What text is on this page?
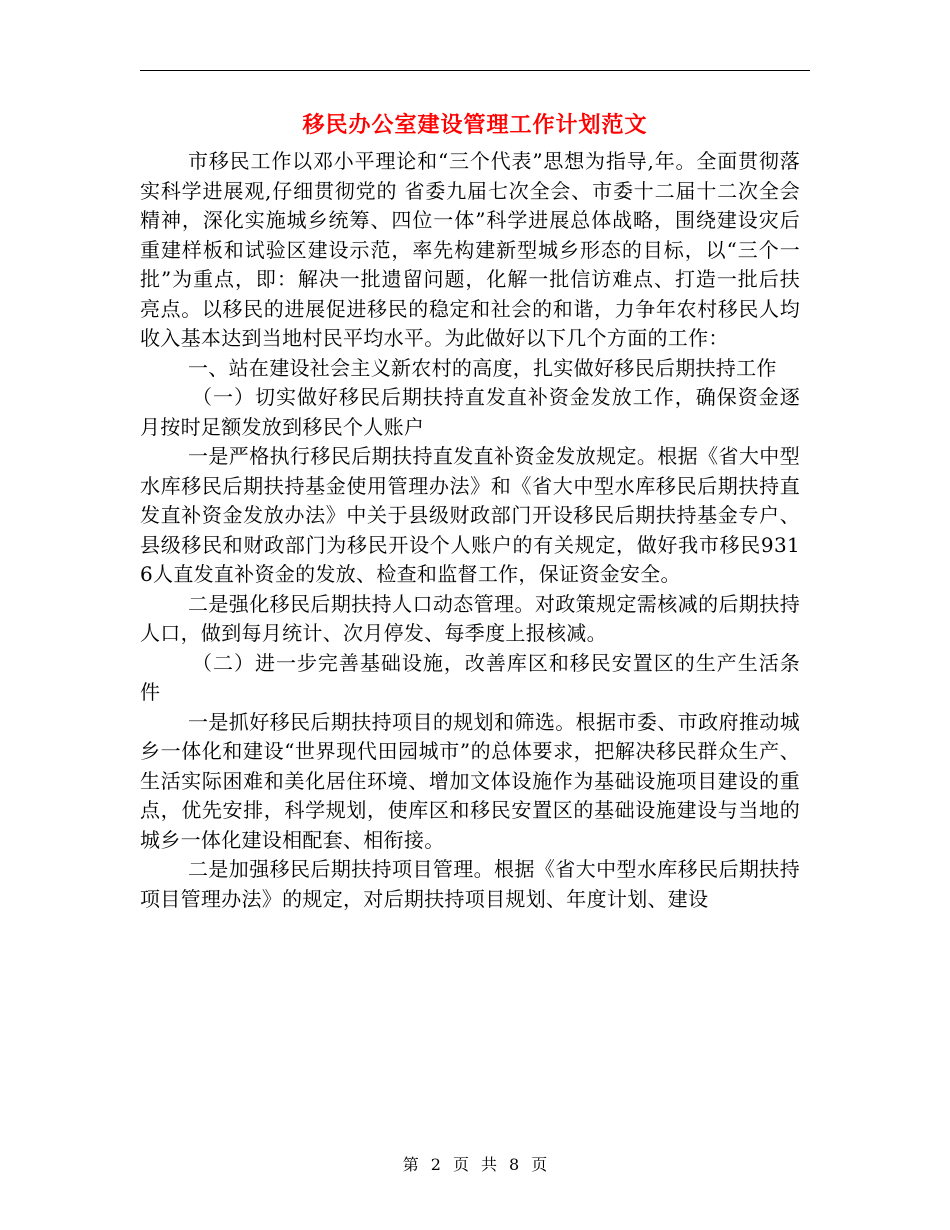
移民办公室建设管理工作计划范文

市移民工作以邓小平理论和“三个代表”思想为指导,年。全面贯彻落实科学进展观,仔细贯彻党的 省委九届七次全会、市委十二届十二次全会精神，深化实施城乡统筹、四位一体”科学进展总体战略，围绕建设灾后重建样板和试验区建设示范，率先构建新型城乡形态的目标，以“三个一批”为重点，即：解决一批遗留问题，化解一批信访难点、打造一批后扶亮点。以移民的进展促进移民的稳定和社会的和谐，力争年农村移民人均收入基本达到当地村民平均水平。为此做好以下几个方面的工作：

一、站在建设社会主义新农村的高度，扎实做好移民后期扶持工作

（一）切实做好移民后期扶持直发直补资金发放工作，确保资金逐月按时足额发放到移民个人账户

一是严格执行移民后期扶持直发直补资金发放规定。根据《省大中型水库移民后期扶持基金使用管理办法》和《省大中型水库移民后期扶持直发直补资金发放办法》中关于县级财政部门开设移民后期扶持基金专户、县级移民和财政部门为移民开设个人账户的有关规定，做好我市移民9316人直发直补资金的发放、检查和监督工作，保证资金安全。

二是强化移民后期扶持人口动态管理。对政策规定需核减的后期扶持人口，做到每月统计、次月停发、每季度上报核减。

（二）进一步完善基础设施，改善库区和移民安置区的生产生活条件

一是抓好移民后期扶持项目的规划和筛选。根据市委、市政府推动城乡一体化和建设“世界现代田园城市”的总体要求，把解决移民群众生产、生活实际困难和美化居住环境、增加文体设施作为基础设施项目建设的重点，优先安排，科学规划，使库区和移民安置区的基础设施建设与当地的城乡一体化建设相配套、相衔接。

二是加强移民后期扶持项目管理。根据《省大中型水库移民后期扶持项目管理办法》的规定，对后期扶持项目规划、年度计划、建设

第 2 页 共 8 页
